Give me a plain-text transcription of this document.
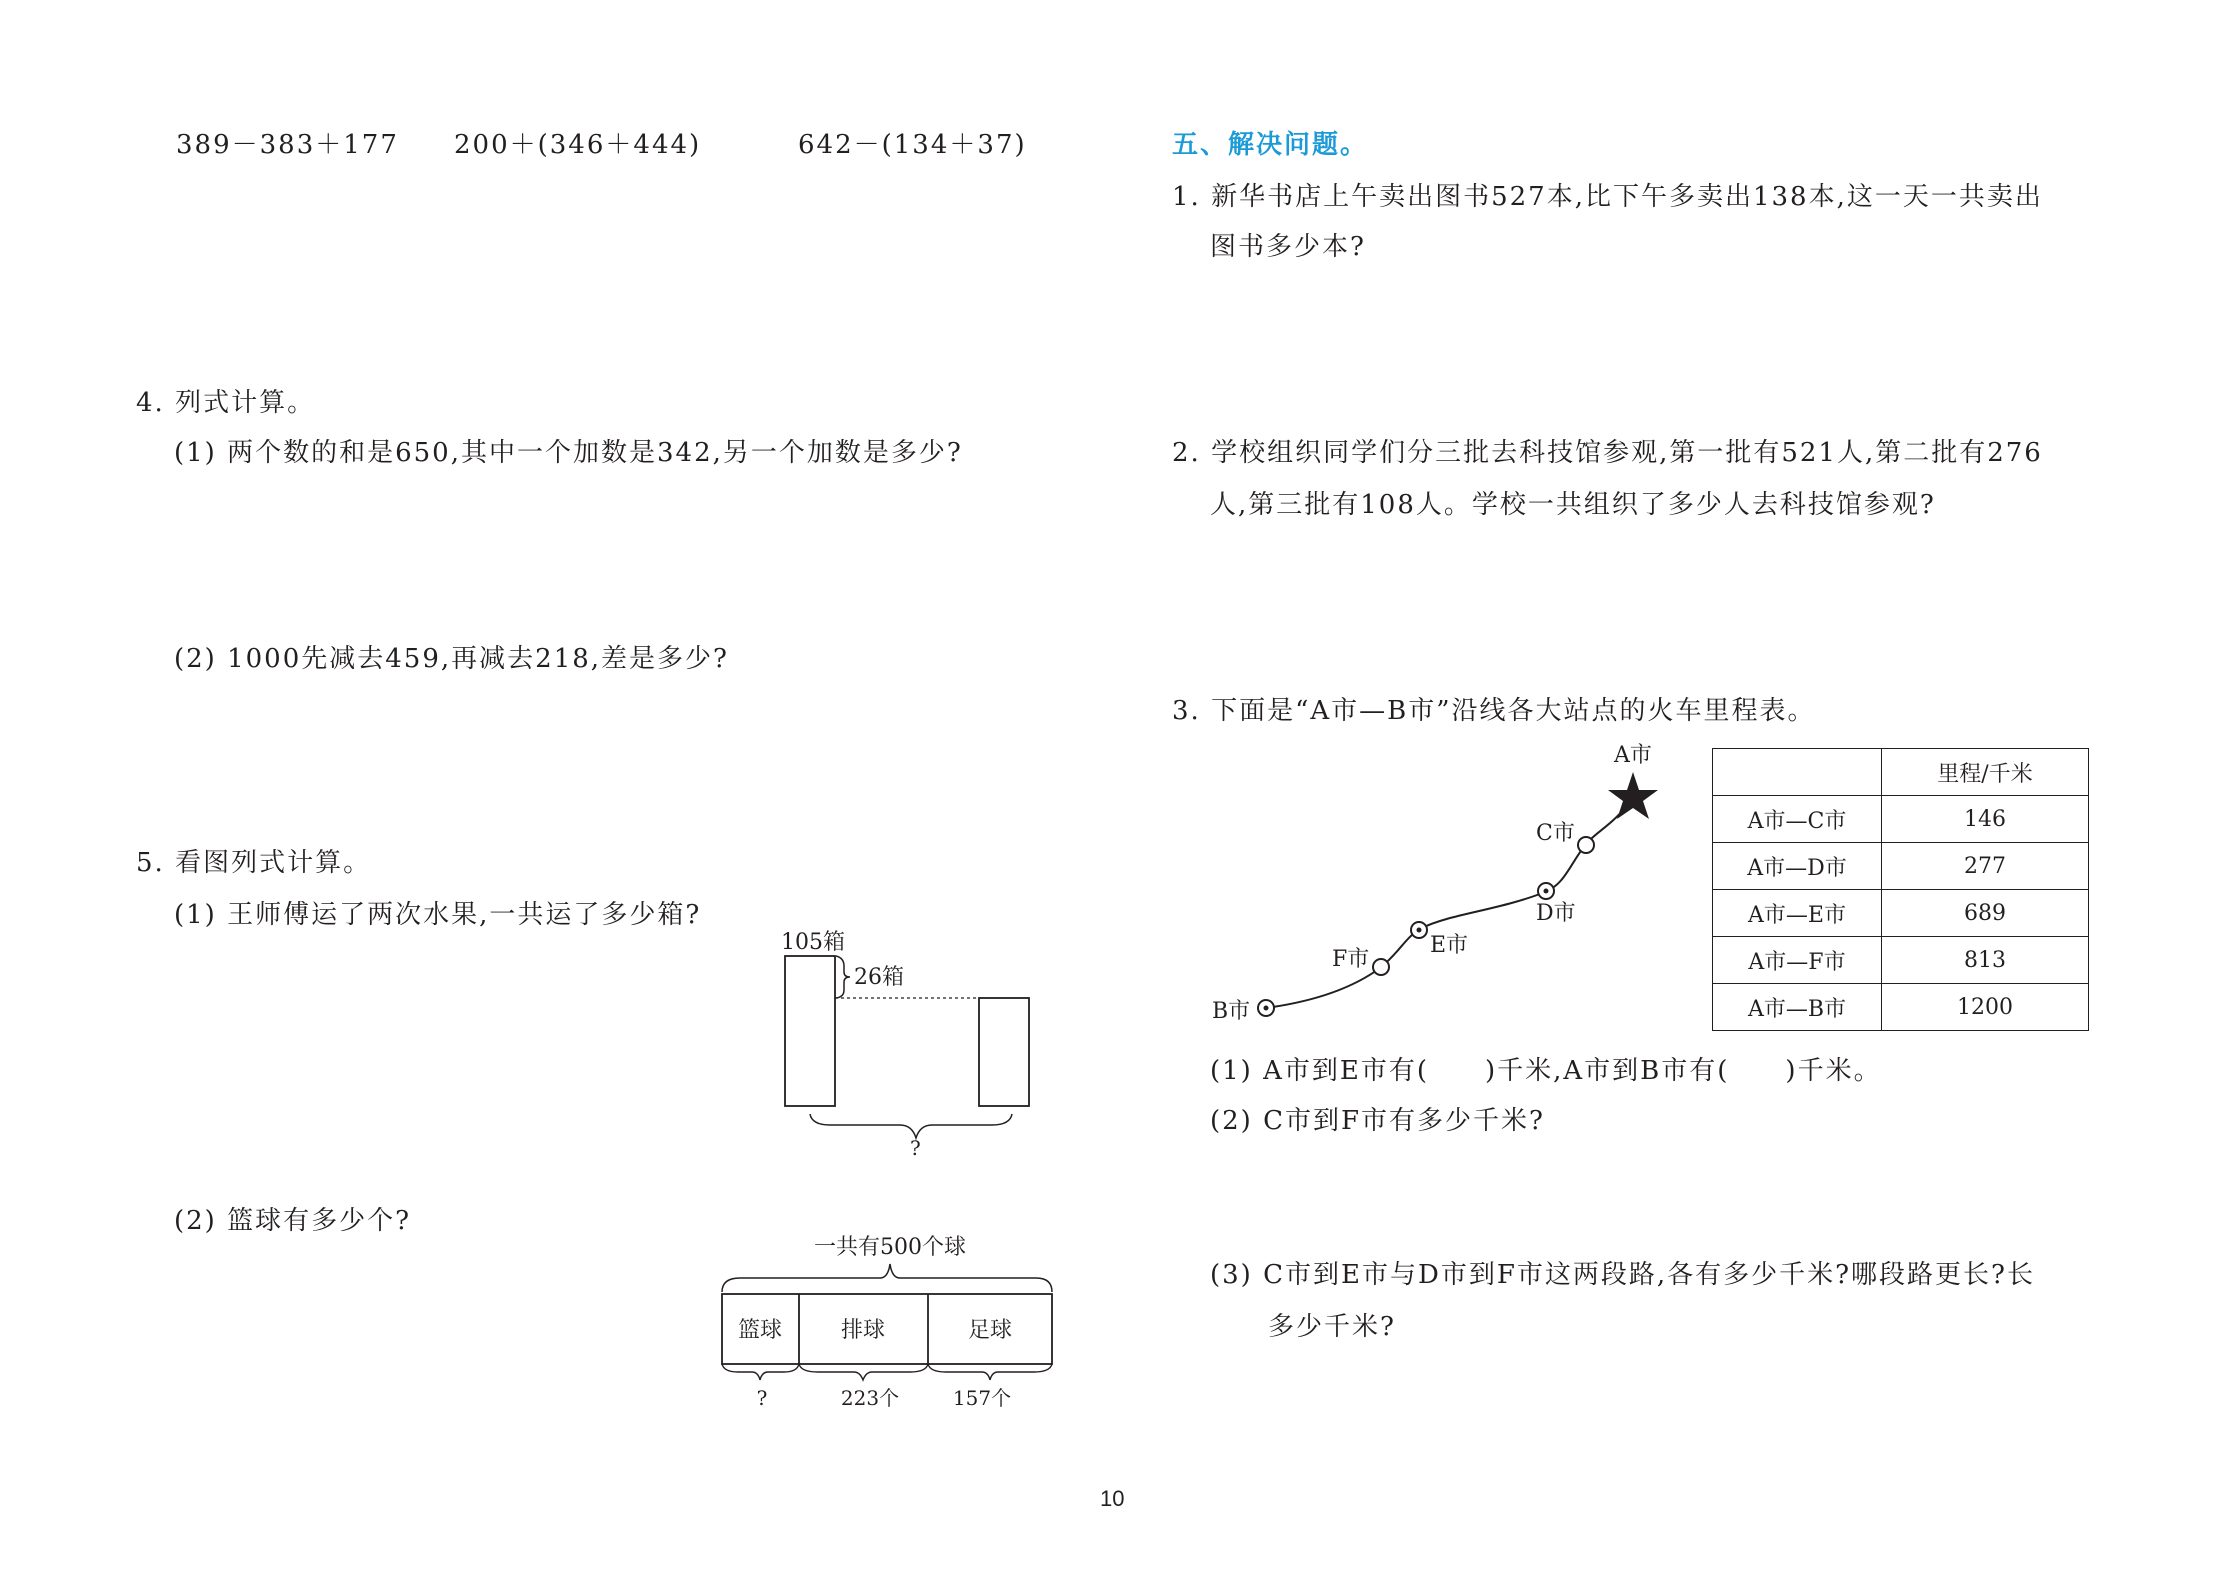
389－383＋177 200＋(346＋444)	642－(134＋37)
4. 列式计算。
(1) 两个数的和是650,其中一个加数是342,另一个加数是多少?
(2) 1000先减去459,再减去218,差是多少?
5. 看图列式计算。
(1) 王师傅运了两次水果,一共运了多少箱?
(2) 篮球有多少个?
105箱
26箱
?
一共有500个球
篮球	排球	足球
?	223个	157个
五、解决问题。
1. 新华书店上午卖出图书527本,比下午多卖出138本,这一天一共卖出
图书多少本?
2. 学校组织同学们分三批去科技馆参观,第一批有521人,第二批有276
人,第三批有108人。学校一共组织了多少人去科技馆参观?
3. 下面是“A市—B市”沿线各大站点的火车里程表。
A市
C市
D市
E市
F市
B市
	里程/千米
A市—C市	146
A市—D市	277
A市—E市	689
A市—F市	813
A市—B市	1200
(1) A市到E市有(　　)千米,A市到B市有(　　)千米。
(2) C市到F市有多少千米?
(3) C市到E市与D市到F市这两段路,各有多少千米?哪段路更长?长
多少千米?
10
